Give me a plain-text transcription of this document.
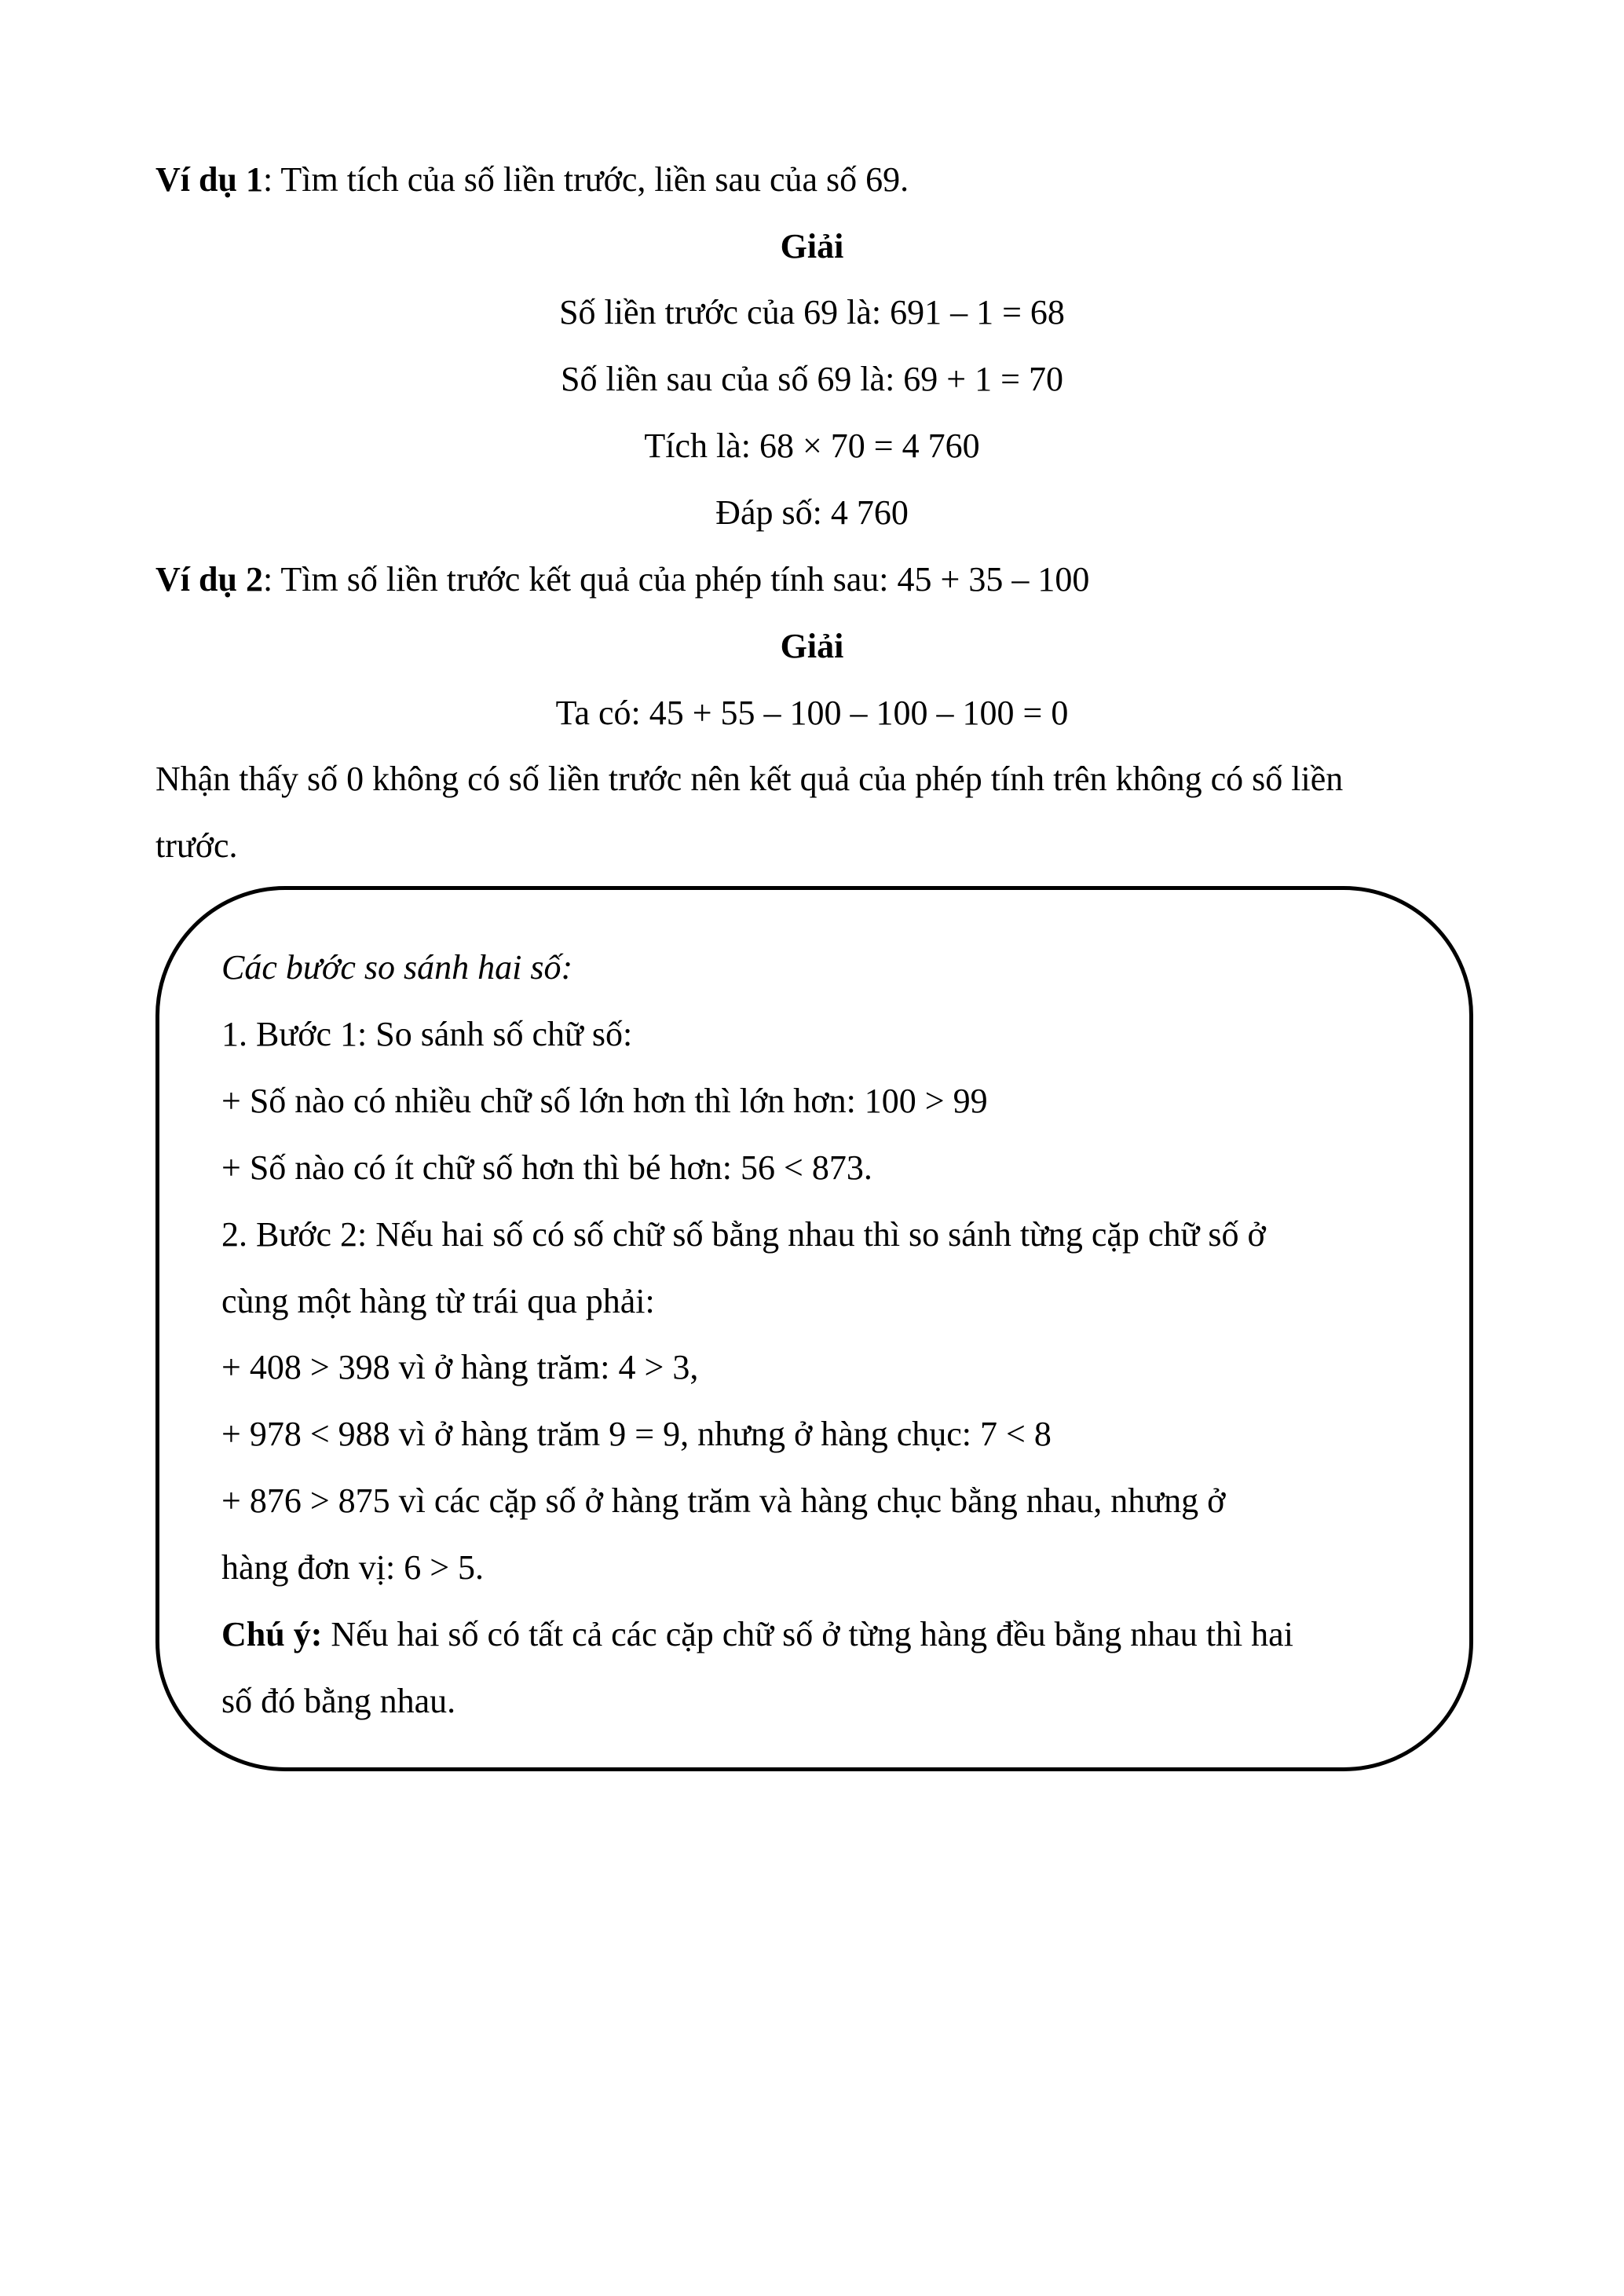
Ví dụ 1: Tìm tích của số liền trước, liền sau của số 69.
Giải
Số liền trước của 69 là: 691 – 1 = 68
Số liền sau của số 69 là: 69 + 1 = 70
Tích là: 68 × 70 = 4 760
Đáp số: 4 760
Ví dụ 2: Tìm số liền trước kết quả của phép tính sau: 45 + 35 – 100
Giải
Ta có: 45 + 55 – 100 – 100 – 100 = 0
Nhận thấy số 0 không có số liền trước nên kết quả của phép tính trên không có số liền
trước.
Các bước so sánh hai số:
1. Bước 1: So sánh số chữ số:
+ Số nào có nhiều chữ số lớn hơn thì lớn hơn: 100 > 99
+ Số nào có ít chữ số hơn thì bé hơn: 56 < 873.
2. Bước 2: Nếu hai số có số chữ số bằng nhau thì so sánh từng cặp chữ số ở
cùng một hàng từ trái qua phải:
+ 408 > 398 vì ở hàng trăm: 4 > 3,
+ 978 < 988 vì ở hàng trăm 9 = 9, nhưng ở hàng chục: 7 < 8
+ 876 > 875 vì các cặp số ở hàng trăm và hàng chục bằng nhau, nhưng ở
hàng đơn vị: 6 > 5.
Chú ý: Nếu hai số có tất cả các cặp chữ số ở từng hàng đều bằng nhau thì hai
số đó bằng nhau.
